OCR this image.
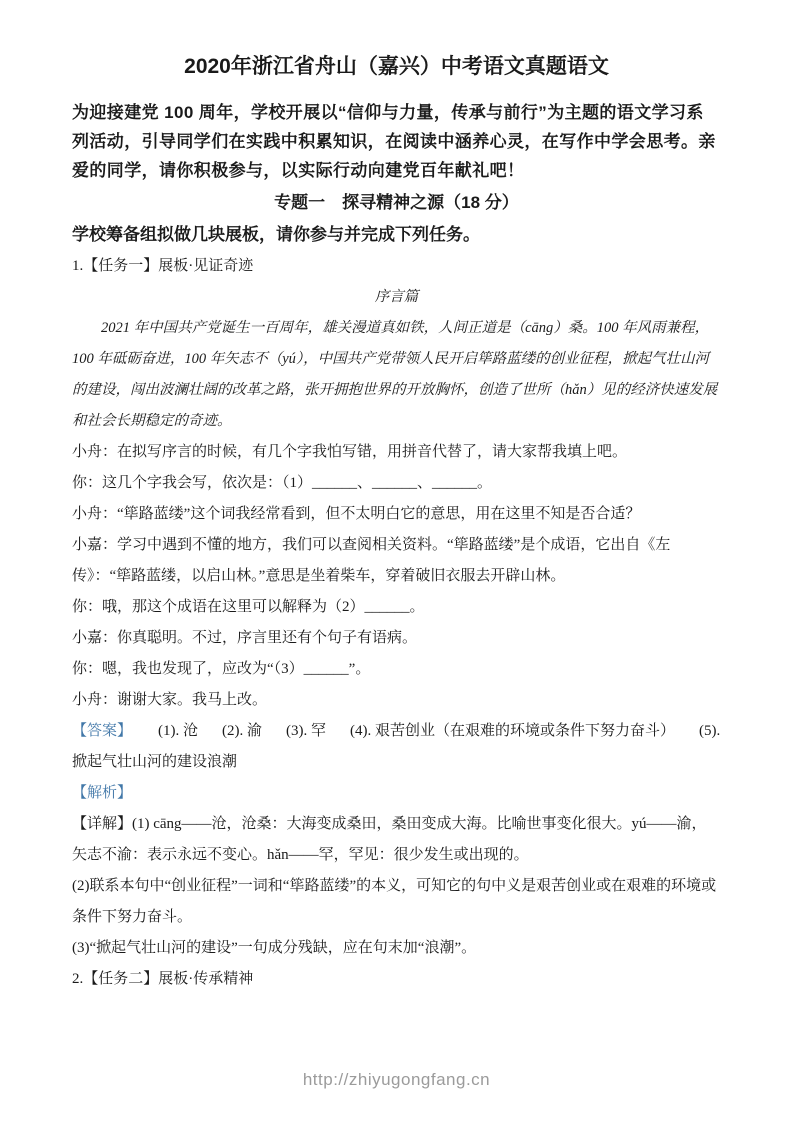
2020年浙江省舟山（嘉兴）中考语文真题语文

为迎接建党 100 周年，学校开展以“信仰与力量，传承与前行”为主题的语文学习系列活动，引导同学们在实践中积累知识，在阅读中涵养心灵，在写作中学会思考。亲爱的同学，请你积极参与，以实际行动向建党百年献礼吧！

专题一　探寻精神之源（18 分）

学校筹备组拟做几块展板，请你参与并完成下列任务。

1.【任务一】展板·见证奇迹

序言篇

2021 年中国共产党诞生一百周年，雄关漫道真如铁，人间正道是（cāng）桑。100 年风雨兼程，100 年砥砺奋进，100 年矢志不（yú），中国共产党带领人民开启筚路蓝缕的创业征程，掀起气壮山河的建设，闯出波澜壮阔的改革之路，张开拥抱世界的开放胸怀，创造了世所（hǎn）见的经济快速发展和社会长期稳定的奇迹。

小舟：在拟写序言的时候，有几个字我怕写错，用拼音代替了，请大家帮我填上吧。

你：这几个字我会写，依次是：（1）______、______、______。

小舟：“筚路蓝缕”这个词我经常看到，但不太明白它的意思，用在这里不知是否合适？

小嘉：学习中遇到不懂的地方，我们可以查阅相关资料。“筚路蓝缕”是个成语，它出自《左传》：“筚路蓝缕，以启山林。”意思是坐着柴车，穿着破旧衣服去开辟山林。

你：哦，那这个成语在这里可以解释为（2）______。

小嘉：你真聪明。不过，序言里还有个句子有语病。

你：嗯，我也发现了，应改为“（3）______”。

小舟：谢谢大家。我马上改。

【答案】 (1). 沧 (2). 渝 (3). 罕 (4). 艰苦创业（在艰难的环境或条件下努力奋斗） (5). 掀起气壮山河的建设浪潮

【解析】

【详解】(1) cāng——沧，沧桑：大海变成桑田，桑田变成大海。比喻世事变化很大。yú——渝，矢志不渝：表示永远不变心。hǎn——罕，罕见：很少发生或出现的。

(2)联系本句中“创业征程”一词和“筚路蓝缕”的本义，可知它的句中义是艰苦创业或在艰难的环境或条件下努力奋斗。

(3)“掀起气壮山河的建设”一句成分残缺，应在句末加“浪潮”。

2.【任务二】展板·传承精神

http://zhiyugongfang.cn
